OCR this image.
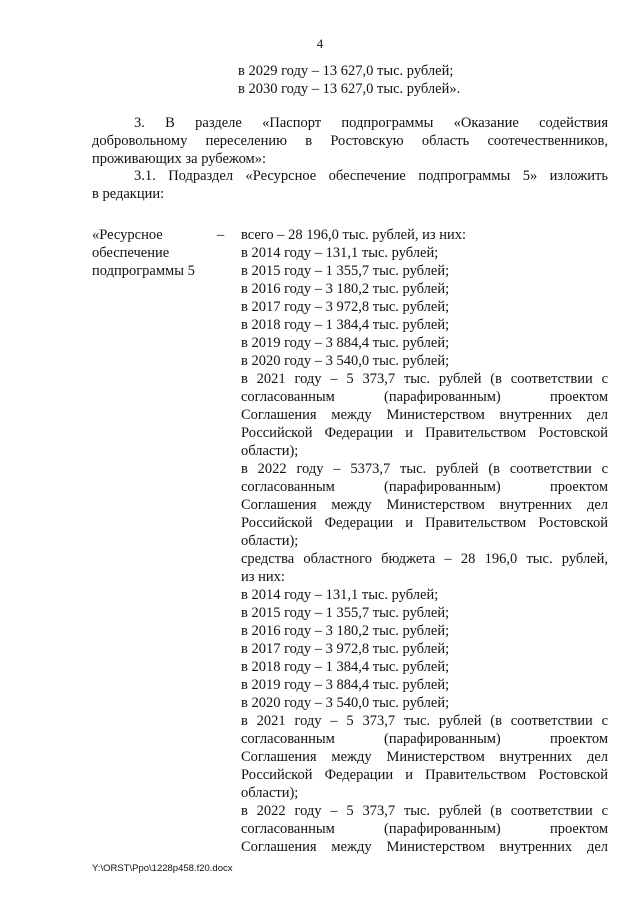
4
в 2029 году – 13 627,0 тыс. рублей;
в 2030 году – 13 627,0 тыс. рублей».
3. В разделе «Паспорт подпрограммы «Оказание содействия
добровольному переселению в Ростовскую область соотечественников,
проживающих за рубежом»:
3.1. Подраздел «Ресурсное обеспечение подпрограммы 5» изложить
в редакции:
«Ресурсное
обеспечение
подпрограммы 5
– всего – 28 196,0 тыс. рублей, из них:
в 2014 году – 131,1 тыс. рублей;
в 2015 году – 1 355,7 тыс. рублей;
в 2016 году – 3 180,2 тыс. рублей;
в 2017 году – 3 972,8 тыс. рублей;
в 2018 году – 1 384,4 тыс. рублей;
в 2019 году – 3 884,4 тыс. рублей;
в 2020 году – 3 540,0 тыс. рублей;
в 2021 году – 5 373,7 тыс. рублей (в соответствии с
согласованным (парафированным) проектом
Соглашения между Министерством внутренних дел
Российской Федерации и Правительством Ростовской
области);
в 2022 году – 5373,7 тыс. рублей (в соответствии с
согласованным (парафированным) проектом
Соглашения между Министерством внутренних дел
Российской Федерации и Правительством Ростовской
области);
средства областного бюджета – 28 196,0 тыс. рублей,
из них:
в 2014 году – 131,1 тыс. рублей;
в 2015 году – 1 355,7 тыс. рублей;
в 2016 году – 3 180,2 тыс. рублей;
в 2017 году – 3 972,8 тыс. рублей;
в 2018 году – 1 384,4 тыс. рублей;
в 2019 году – 3 884,4 тыс. рублей;
в 2020 году – 3 540,0 тыс. рублей;
в 2021 году – 5 373,7 тыс. рублей (в соответствии с
согласованным (парафированным) проектом
Соглашения между Министерством внутренних дел
Российской Федерации и Правительством Ростовской
области);
в 2022 году – 5 373,7 тыс. рублей (в соответствии с
согласованным (парафированным) проектом
Соглашения между Министерством внутренних дел
Y:\ORST\Ppo\1228p458.f20.docx
